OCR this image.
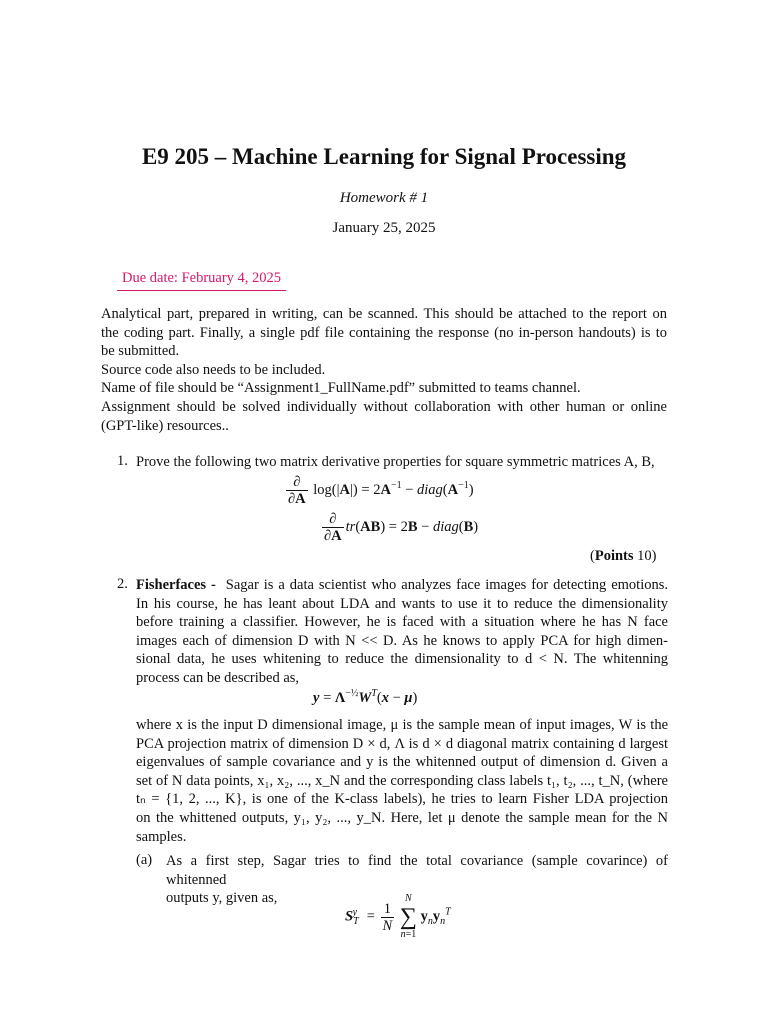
E9 205 – Machine Learning for Signal Processing
Homework # 1
January 25, 2025
Due date: February 4, 2025
Analytical part, prepared in writing, can be scanned. This should be attached to the report on
the coding part. Finally, a single pdf file containing the response (no in-person handouts) is to
be submitted.
Source code also needs to be included.
Name of file should be “Assignment1_FullName.pdf” submitted to teams channel.
Assignment should be solved individually without collaboration with other human or online
(GPT-like) resources..
1. Prove the following two matrix derivative properties for square symmetric matrices A, B,
$\frac{\partial}{\partial A} \log(|A|) = 2A^{-1}$ − $diag(A^{-1})$
$\frac{\partial}{\partial A} tr(AB) = 2B$ − diag(B)
(Points 10)
2. Fisherfaces - Sagar is a data scientist who analyzes face images for detecting emotions.
In his course, he has leant about LDA and wants to use it to reduce the dimensionality
before training a classifier. However, he is faced with a situation where he has N face
images each of dimension D with N << D. As he knows to apply PCA for high dimen-
sional data, he uses whitening to reduce the dimensionality to d < N. The whitenning
process can be described as,
$y = \Lambda^{-\frac{1}{2}}W^T(x - \mu)$
where x is the input D dimensional image, μ is the sample mean of input images, W is the
PCA projection matrix of dimension D × d, Λ is d × d diagonal matrix containing d largest
eigenvalues of sample covariance and y is the whitenned output of dimension d. Given a
set of N data points, x₁, x₂, ..., x_N and the corresponding class labels t₁, t₂, ..., t_N, (where
tₙ = {1, 2, ..., K}, is one of the K-class labels), he tries to learn Fisher LDA projection
on the whittened outputs, y₁, y₂, ..., y_N. Here, let μ denote the sample mean for the N
samples.
(a) As a first step, Sagar tries to find the total covariance (sample covarince) of whitenned
outputs y, given as,
$S_T^y = \frac{1}{N}$

N
∑
n=1
$y_ny_n^T$
